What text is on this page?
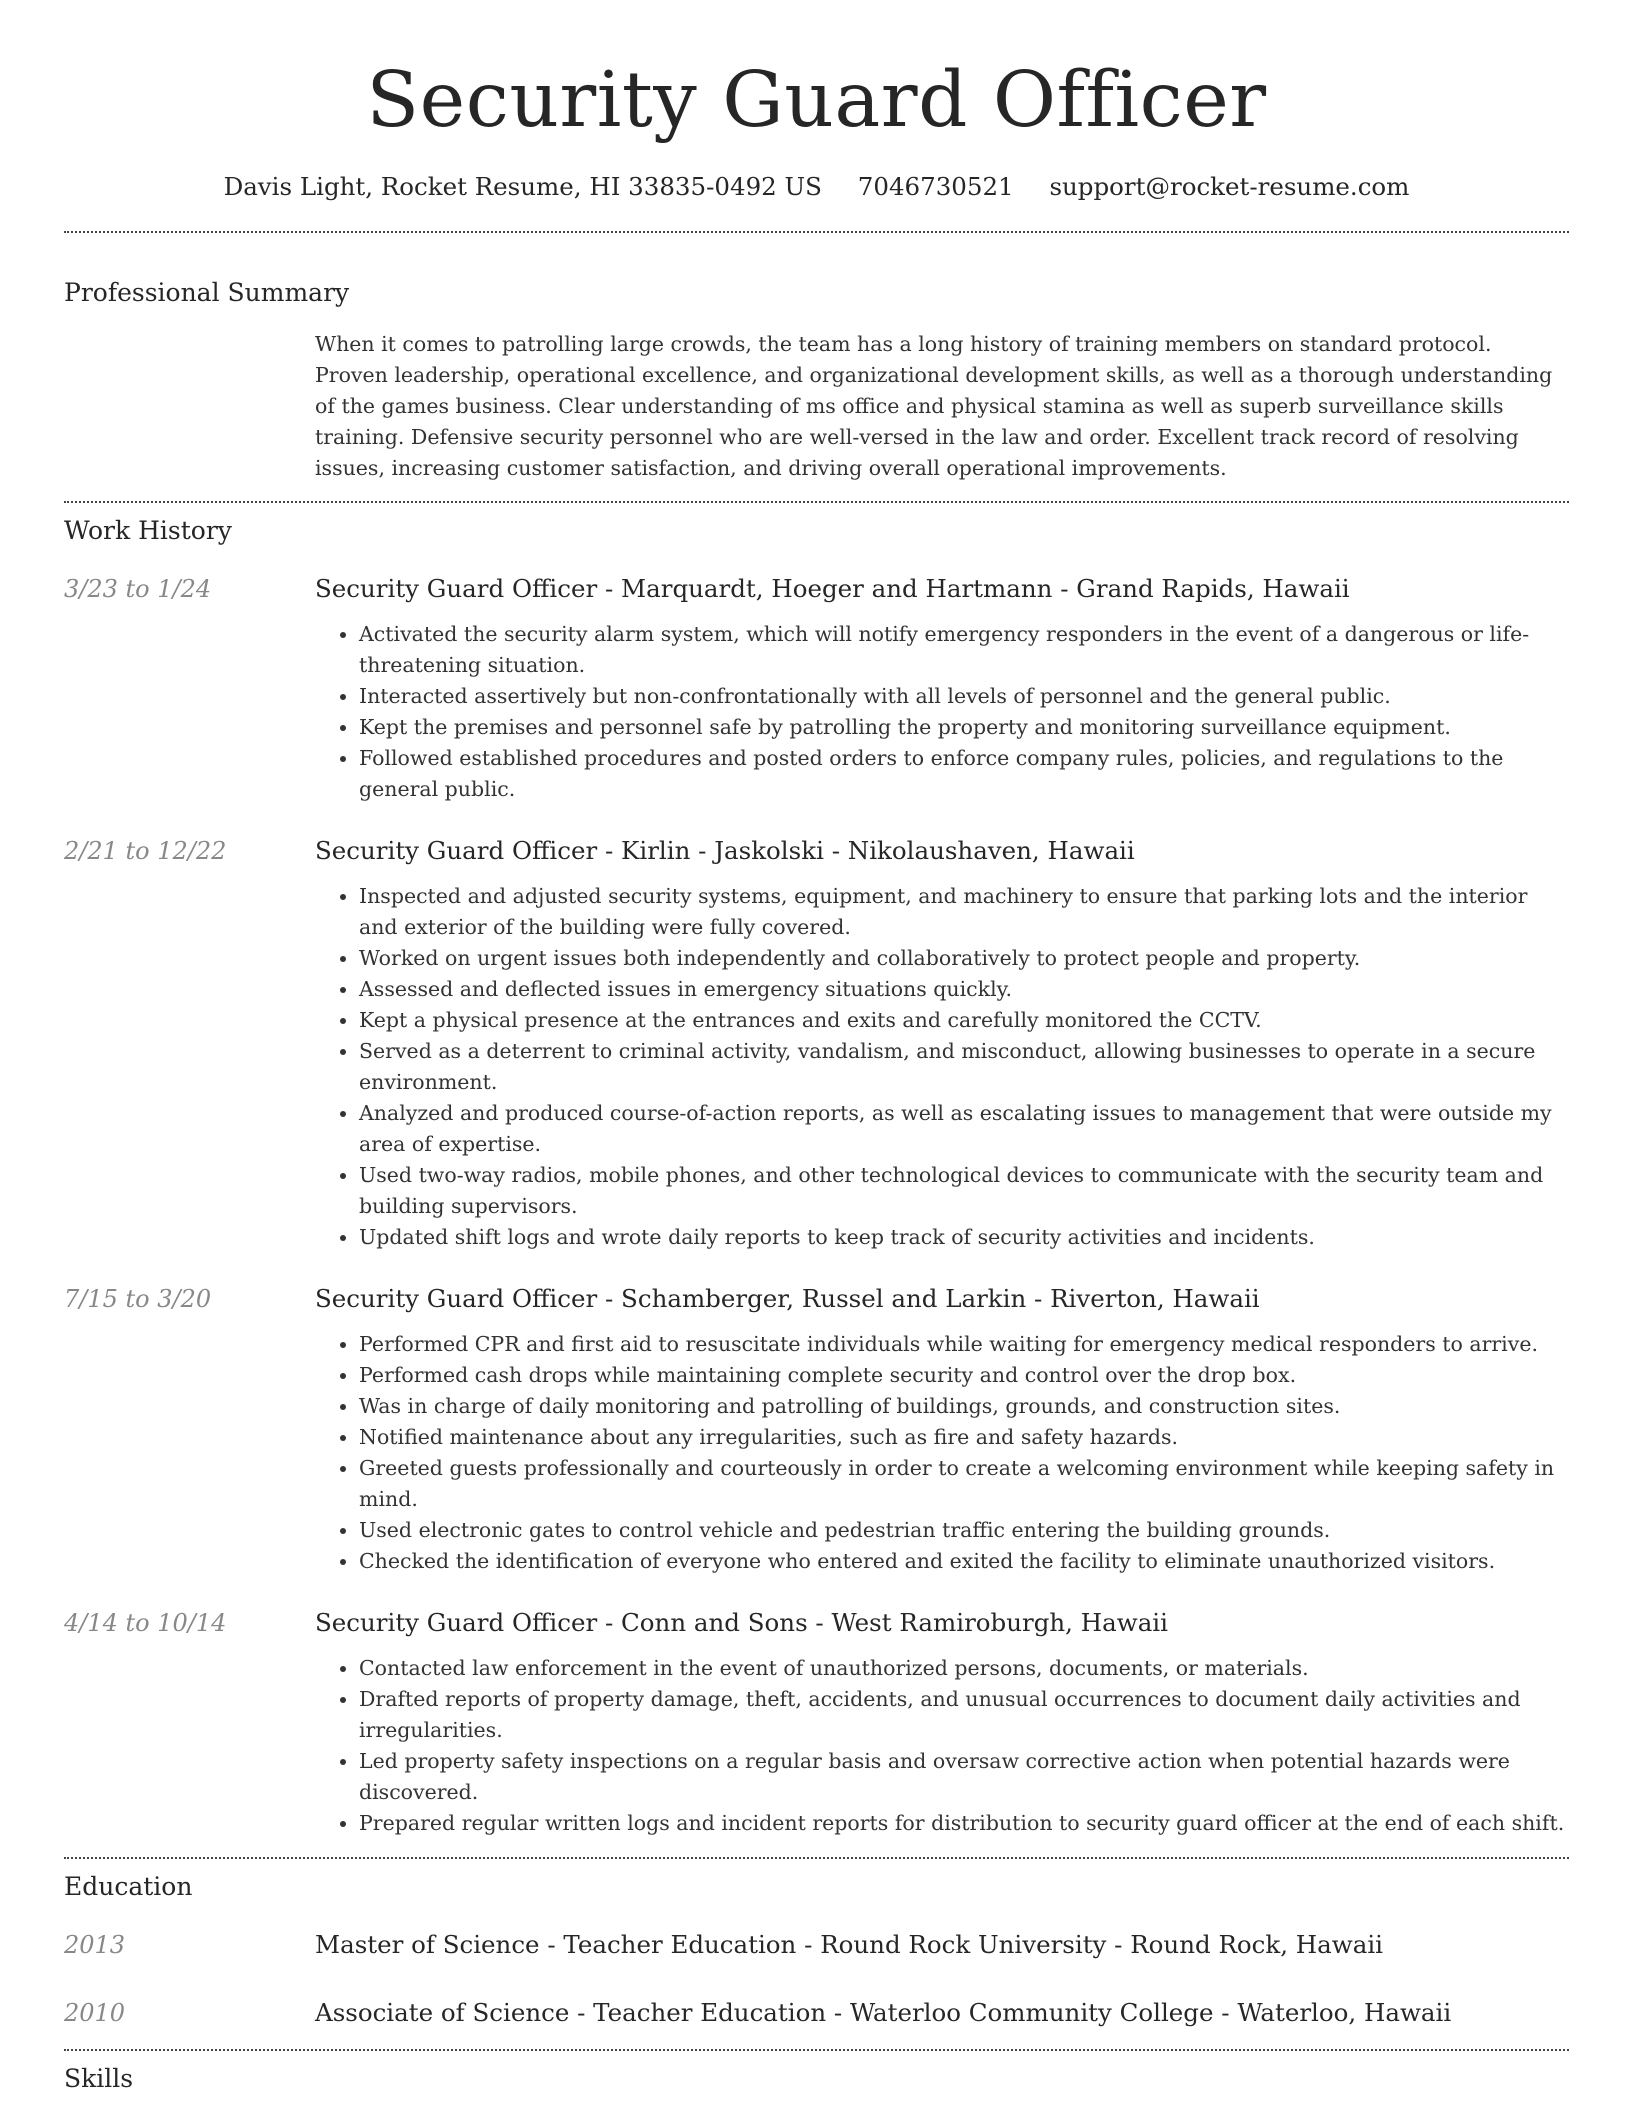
Security Guard Officer
Davis Light, Rocket Resume, HI 33835-0492 US 7046730521 support@rocket-resume.com
Professional Summary
When it comes to patrolling large crowds, the team has a long history of training members on standard protocol. Proven leadership, operational excellence, and organizational development skills, as well as a thorough understanding of the games business. Clear understanding of ms office and physical stamina as well as superb surveillance skills training. Defensive security personnel who are well-versed in the law and order. Excellent track record of resolving issues, increasing customer satisfaction, and driving overall operational improvements.
Work History
3/23 to 1/24	Security Guard Officer - Marquardt, Hoeger and Hartmann - Grand Rapids, Hawaii
• Activated the security alarm system, which will notify emergency responders in the event of a dangerous or life-threatening situation.
• Interacted assertively but non-confrontationally with all levels of personnel and the general public.
• Kept the premises and personnel safe by patrolling the property and monitoring surveillance equipment.
• Followed established procedures and posted orders to enforce company rules, policies, and regulations to the general public.
2/21 to 12/22	Security Guard Officer - Kirlin - Jaskolski - Nikolaushaven, Hawaii
• Inspected and adjusted security systems, equipment, and machinery to ensure that parking lots and the interior and exterior of the building were fully covered.
• Worked on urgent issues both independently and collaboratively to protect people and property.
• Assessed and deflected issues in emergency situations quickly.
• Kept a physical presence at the entrances and exits and carefully monitored the CCTV.
• Served as a deterrent to criminal activity, vandalism, and misconduct, allowing businesses to operate in a secure environment.
• Analyzed and produced course-of-action reports, as well as escalating issues to management that were outside my area of expertise.
• Used two-way radios, mobile phones, and other technological devices to communicate with the security team and building supervisors.
• Updated shift logs and wrote daily reports to keep track of security activities and incidents.
7/15 to 3/20	Security Guard Officer - Schamberger, Russel and Larkin - Riverton, Hawaii
• Performed CPR and first aid to resuscitate individuals while waiting for emergency medical responders to arrive.
• Performed cash drops while maintaining complete security and control over the drop box.
• Was in charge of daily monitoring and patrolling of buildings, grounds, and construction sites.
• Notified maintenance about any irregularities, such as fire and safety hazards.
• Greeted guests professionally and courteously in order to create a welcoming environment while keeping safety in mind.
• Used electronic gates to control vehicle and pedestrian traffic entering the building grounds.
• Checked the identification of everyone who entered and exited the facility to eliminate unauthorized visitors.
4/14 to 10/14	Security Guard Officer - Conn and Sons - West Ramiroburgh, Hawaii
• Contacted law enforcement in the event of unauthorized persons, documents, or materials.
• Drafted reports of property damage, theft, accidents, and unusual occurrences to document daily activities and irregularities.
• Led property safety inspections on a regular basis and oversaw corrective action when potential hazards were discovered.
• Prepared regular written logs and incident reports for distribution to security guard officer at the end of each shift.
Education
2013	Master of Science - Teacher Education - Round Rock University - Round Rock, Hawaii
2010	Associate of Science - Teacher Education - Waterloo Community College - Waterloo, Hawaii
Skills
